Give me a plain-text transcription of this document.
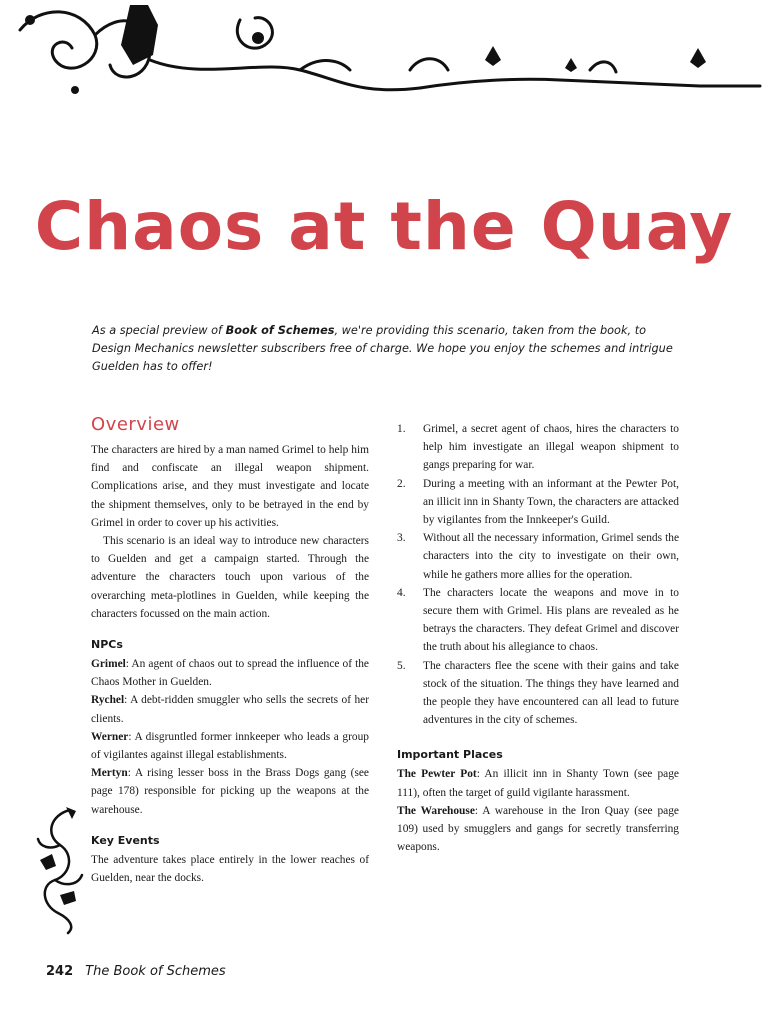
Chaos at the Quay
As a special preview of Book of Schemes, we're providing this scenario, taken from the book, to Design Mechanics newsletter subscribers free of charge. We hope you enjoy the schemes and intrigue Guelden has to offer!
Overview

The characters are hired by a man named Grimel to help him find and confiscate an illegal weapon shipment. Complications arise, and they must investigate and locate the shipment themselves, only to be betrayed in the end by Grimel in order to cover up his activities.

This scenario is an ideal way to introduce new characters to Guelden and get a campaign started. Through the adventure the characters touch upon various of the overarching meta-plotlines in Guelden, while keeping the characters focussed on the main action.

NPCs

Grimel: An agent of chaos out to spread the influence of the Chaos Mother in Guelden.

Rychel: A debt-ridden smuggler who sells the secrets of her clients.

Werner: A disgruntled former innkeeper who leads a group of vigilantes against illegal establishments.

Mertyn: A rising lesser boss in the Brass Dogs gang (see page 178) responsible for picking up the weapons at the warehouse.

Key Events

The adventure takes place entirely in the lower reaches of Guelden, near the docks.

1. Grimel, a secret agent of chaos, hires the characters to help him investigate an illegal weapon shipment to gangs preparing for war.
2. During a meeting with an informant at the Pewter Pot, an illicit inn in Shanty Town, the characters are attacked by vigilantes from the Innkeeper's Guild.
3. Without all the necessary information, Grimel sends the characters into the city to investigate on their own, while he gathers more allies for the operation.
4. The characters locate the weapons and move in to secure them with Grimel. His plans are revealed as he betrays the characters. They defeat Grimel and discover the truth about his allegiance to chaos.
5. The characters flee the scene with their gains and take stock of the situation. The things they have learned and the people they have encountered can all lead to future adventures in the city of schemes.
Important Places

The Pewter Pot: An illicit inn in Shanty Town (see page 111), often the target of guild vigilante harassment.

The Warehouse: A warehouse in the Iron Quay (see page 109) used by smugglers and gangs for secretly transferring weapons.

242 The Book of Schemes
